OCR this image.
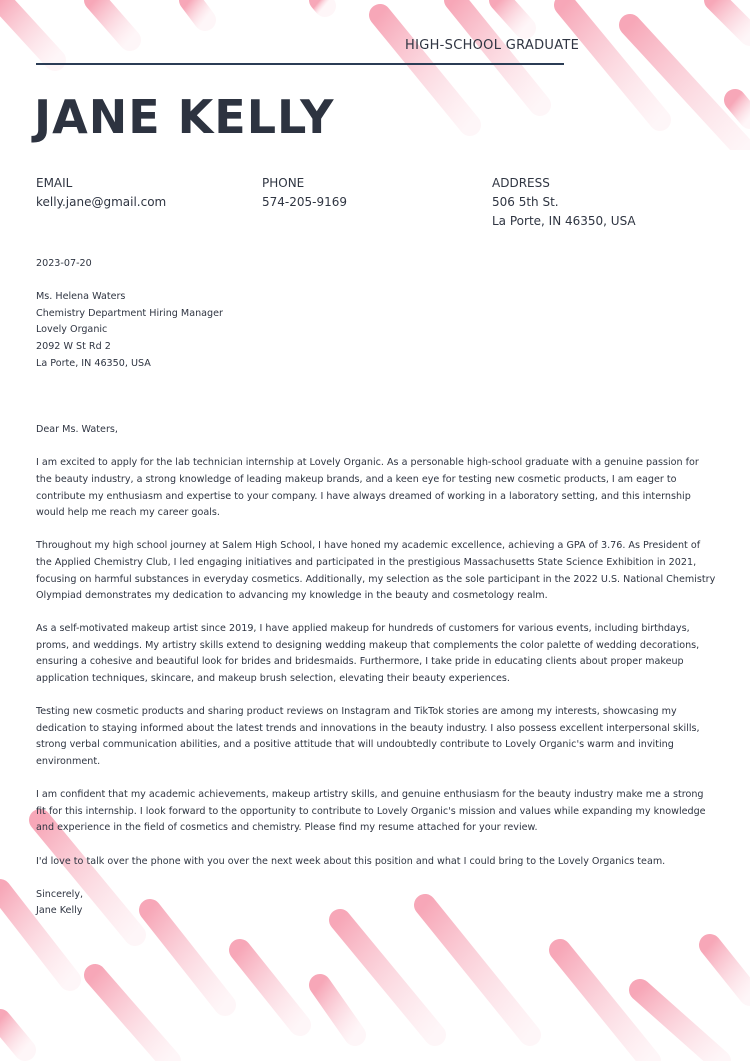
HIGH-SCHOOL GRADUATE
JANE KELLY
EMAIL
kelly.jane@gmail.com
PHONE
574-205-9169
ADDRESS
506 5th St.
La Porte, IN 46350, USA

2023-07-20

Ms. Helena Waters

Chemistry Department Hiring Manager

Lovely Organic

2092 W St Rd 2

La Porte, IN 46350, USA

Dear Ms. Waters,

I am excited to apply for the lab technician internship at Lovely Organic. As a personable high-school graduate with a genuine passion for the beauty industry, a strong knowledge of leading makeup brands, and a keen eye for testing new cosmetic products, I am eager to contribute my enthusiasm and expertise to your company. I have always dreamed of working in a laboratory setting, and this internship would help me reach my career goals.

Throughout my high school journey at Salem High School, I have honed my academic excellence, achieving a GPA of 3.76. As President of the Applied Chemistry Club, I led engaging initiatives and participated in the prestigious Massachusetts State Science Exhibition in 2021, focusing on harmful substances in everyday cosmetics. Additionally, my selection as the sole participant in the 2022 U.S. National Chemistry Olympiad demonstrates my dedication to advancing my knowledge in the beauty and cosmetology realm.

As a self-motivated makeup artist since 2019, I have applied makeup for hundreds of customers for various events, including birthdays, proms, and weddings. My artistry skills extend to designing wedding makeup that complements the color palette of wedding decorations, ensuring a cohesive and beautiful look for brides and bridesmaids. Furthermore, I take pride in educating clients about proper makeup application techniques, skincare, and makeup brush selection, elevating their beauty experiences.

Testing new cosmetic products and sharing product reviews on Instagram and TikTok stories are among my interests, showcasing my dedication to staying informed about the latest trends and innovations in the beauty industry. I also possess excellent interpersonal skills, strong verbal communication abilities, and a positive attitude that will undoubtedly contribute to Lovely Organic's warm and inviting environment.

I am confident that my academic achievements, makeup artistry skills, and genuine enthusiasm for the beauty industry make me a strong fit for this internship. I look forward to the opportunity to contribute to Lovely Organic's mission and values while expanding my knowledge and experience in the field of cosmetics and chemistry. Please find my resume attached for your review.

I'd love to talk over the phone with you over the next week about this position and what I could bring to the Lovely Organics team.

Sincerely,

Jane Kelly
